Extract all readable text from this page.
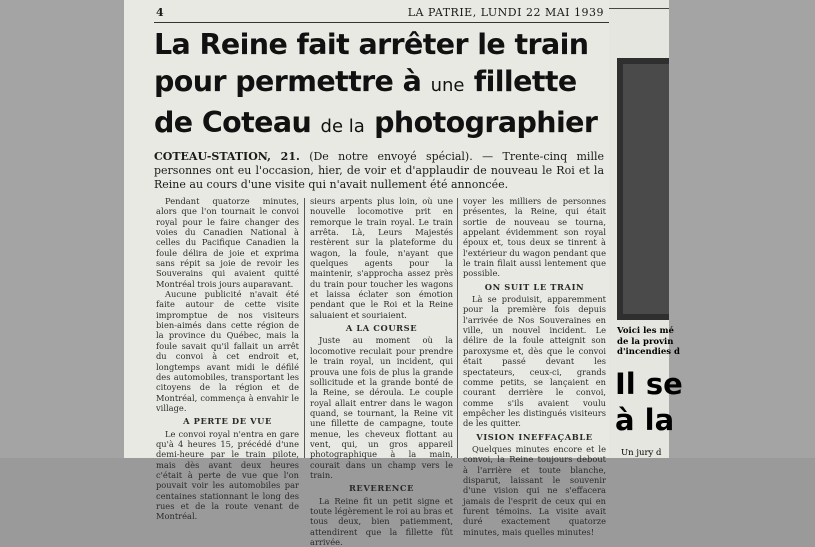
4	LA PATRIE, LUNDI 22 MAI 1939
La Reine fait arrêter le train
pour permettre à une fillette
de Coteau de la photographier
COTEAU-STATION, 21. (De notre envoyé spécial). — Trente-cinq mille personnes ont eu l'occasion, hier, de voir et d'applaudir de nouveau le Roi et la Reine au cours d'une visite qui n'avait nullement été annoncée.

Pendant quatorze minutes, alors que l'on tournait le convoi royal pour le faire changer des voies du Canadien National à celles du Pacifique Canadien la foule délira de joie et exprima sans répit sa joie de revoir les Souverains qui avaient quitté Montréal trois jours auparavant.

Aucune publicité n'avait été faite autour de cette visite impromptue de nos visiteurs bien-aimés dans cette région de la province du Québec, mais la foule savait qu'il fallait un arrêt du convoi à cet endroit et, longtemps avant midi le défilé des automobiles, transportant les citoyens de la région et de Montréal, commença à envahir le village.

A PERTE DE VUE

Le convoi royal n'entra en gare qu'à 4 heures 15, précédé d'une demi-heure par le train pilote, mais dès avant deux heures c'était à perte de vue que l'on pouvait voir les automobiles par centaines stationnant le long des rues et de la route venant de Montréal.

sieurs arpents plus loin, où une nouvelle locomotive prit en remorque le train royal. Le train arrêta. Là, Leurs Majestés restèrent sur la plateforme du wagon, la foule, n'ayant que quelques agents pour la maintenir, s'approcha assez près du train pour toucher les wagons et laissa éclater son émotion pendant que le Roi et la Reine saluaient et souriaient.

A LA COURSE

Juste au moment où la locomotive reculait pour prendre le train royal, un incident, qui prouva une fois de plus la grande sollicitude et la grande bonté de la Reine, se déroula. Le couple royal allait entrer dans le wagon quand, se tournant, la Reine vit une fillette de campagne, toute menue, les cheveux flottant au vent, qui, un gros appareil photographique à la main, courait dans un champ vers le train.

REVERENCE

La Reine fit un petit signe et toute légèrement le roi au bras et tous deux, bien patiemment, attendirent que la fillette fût arrivée.

voyer les milliers de personnes présentes, la Reine, qui était sortie de nouveau se tourna, appelant évidemment son royal époux et, tous deux se tinrent à l'extérieur du wagon pendant que le train filait aussi lentement que possible.

ON SUIT LE TRAIN

Là se produisit, apparemment pour la première fois depuis l'arrivée de Nos Souveraines en ville, un nouvel incident. Le délire de la foule atteignit son paroxysme et, dès que le convoi était passé devant les spectateurs, ceux-ci, grands comme petits, se lançaient en courant derrière le convoi, comme s'ils avaient voulu empêcher les distingués visiteurs de les quitter.

VISION INEFFAÇABLE

Quelques minutes encore et le convoi, la Reine toujours debout à l'arrière et toute blanche, disparut, laissant le souvenir d'une vision qui ne s'effacera jamais de l'esprit de ceux qui en furent témoins. La visite avait duré exactement quatorze minutes, mais quelles minutes!

Voici les mé
de la provin
d'incendies d
Il se
à la
Un jury d
